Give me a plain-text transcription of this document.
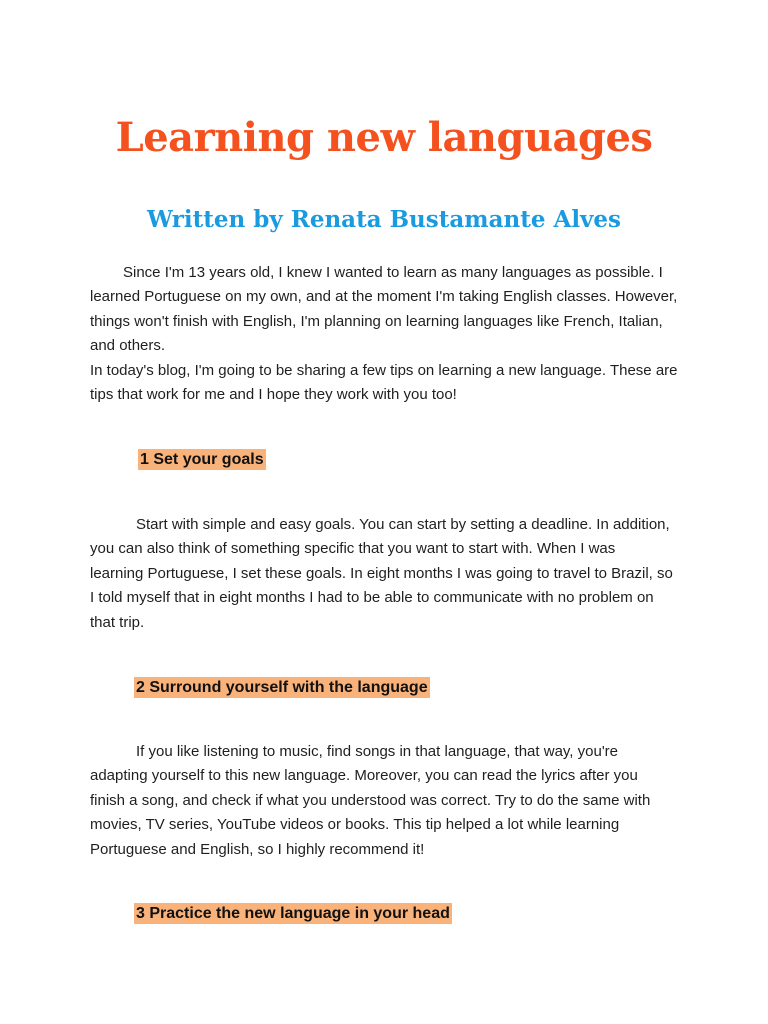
Learning new languages
Written by Renata Bustamante Alves
Since I'm 13 years old, I knew I wanted to learn as many languages as possible. I
learned Portuguese on my own, and at the moment I'm taking English classes. However,
things won't finish with English, I'm planning on learning languages like French, Italian,
and others.
In today's blog, I'm going to be sharing a few tips on learning a new language. These are
tips that work for me and I hope they work with you too!
1 Set your goals
Start with simple and easy goals. You can start by setting a deadline. In addition,
you can also think of something specific that you want to start with. When I was
learning Portuguese, I set these goals. In eight months I was going to travel to Brazil, so
I told myself that in eight months I had to be able to communicate with no problem on
that trip.
2 Surround yourself with the language
If you like listening to music, find songs in that language, that way, you're
adapting yourself to this new language. Moreover, you can read the lyrics after you
finish a song, and check if what you understood was correct. Try to do the same with
movies, TV series, YouTube videos or books. This tip helped a lot while learning
Portuguese and English, so I highly recommend it!
3 Practice the new language in your head
